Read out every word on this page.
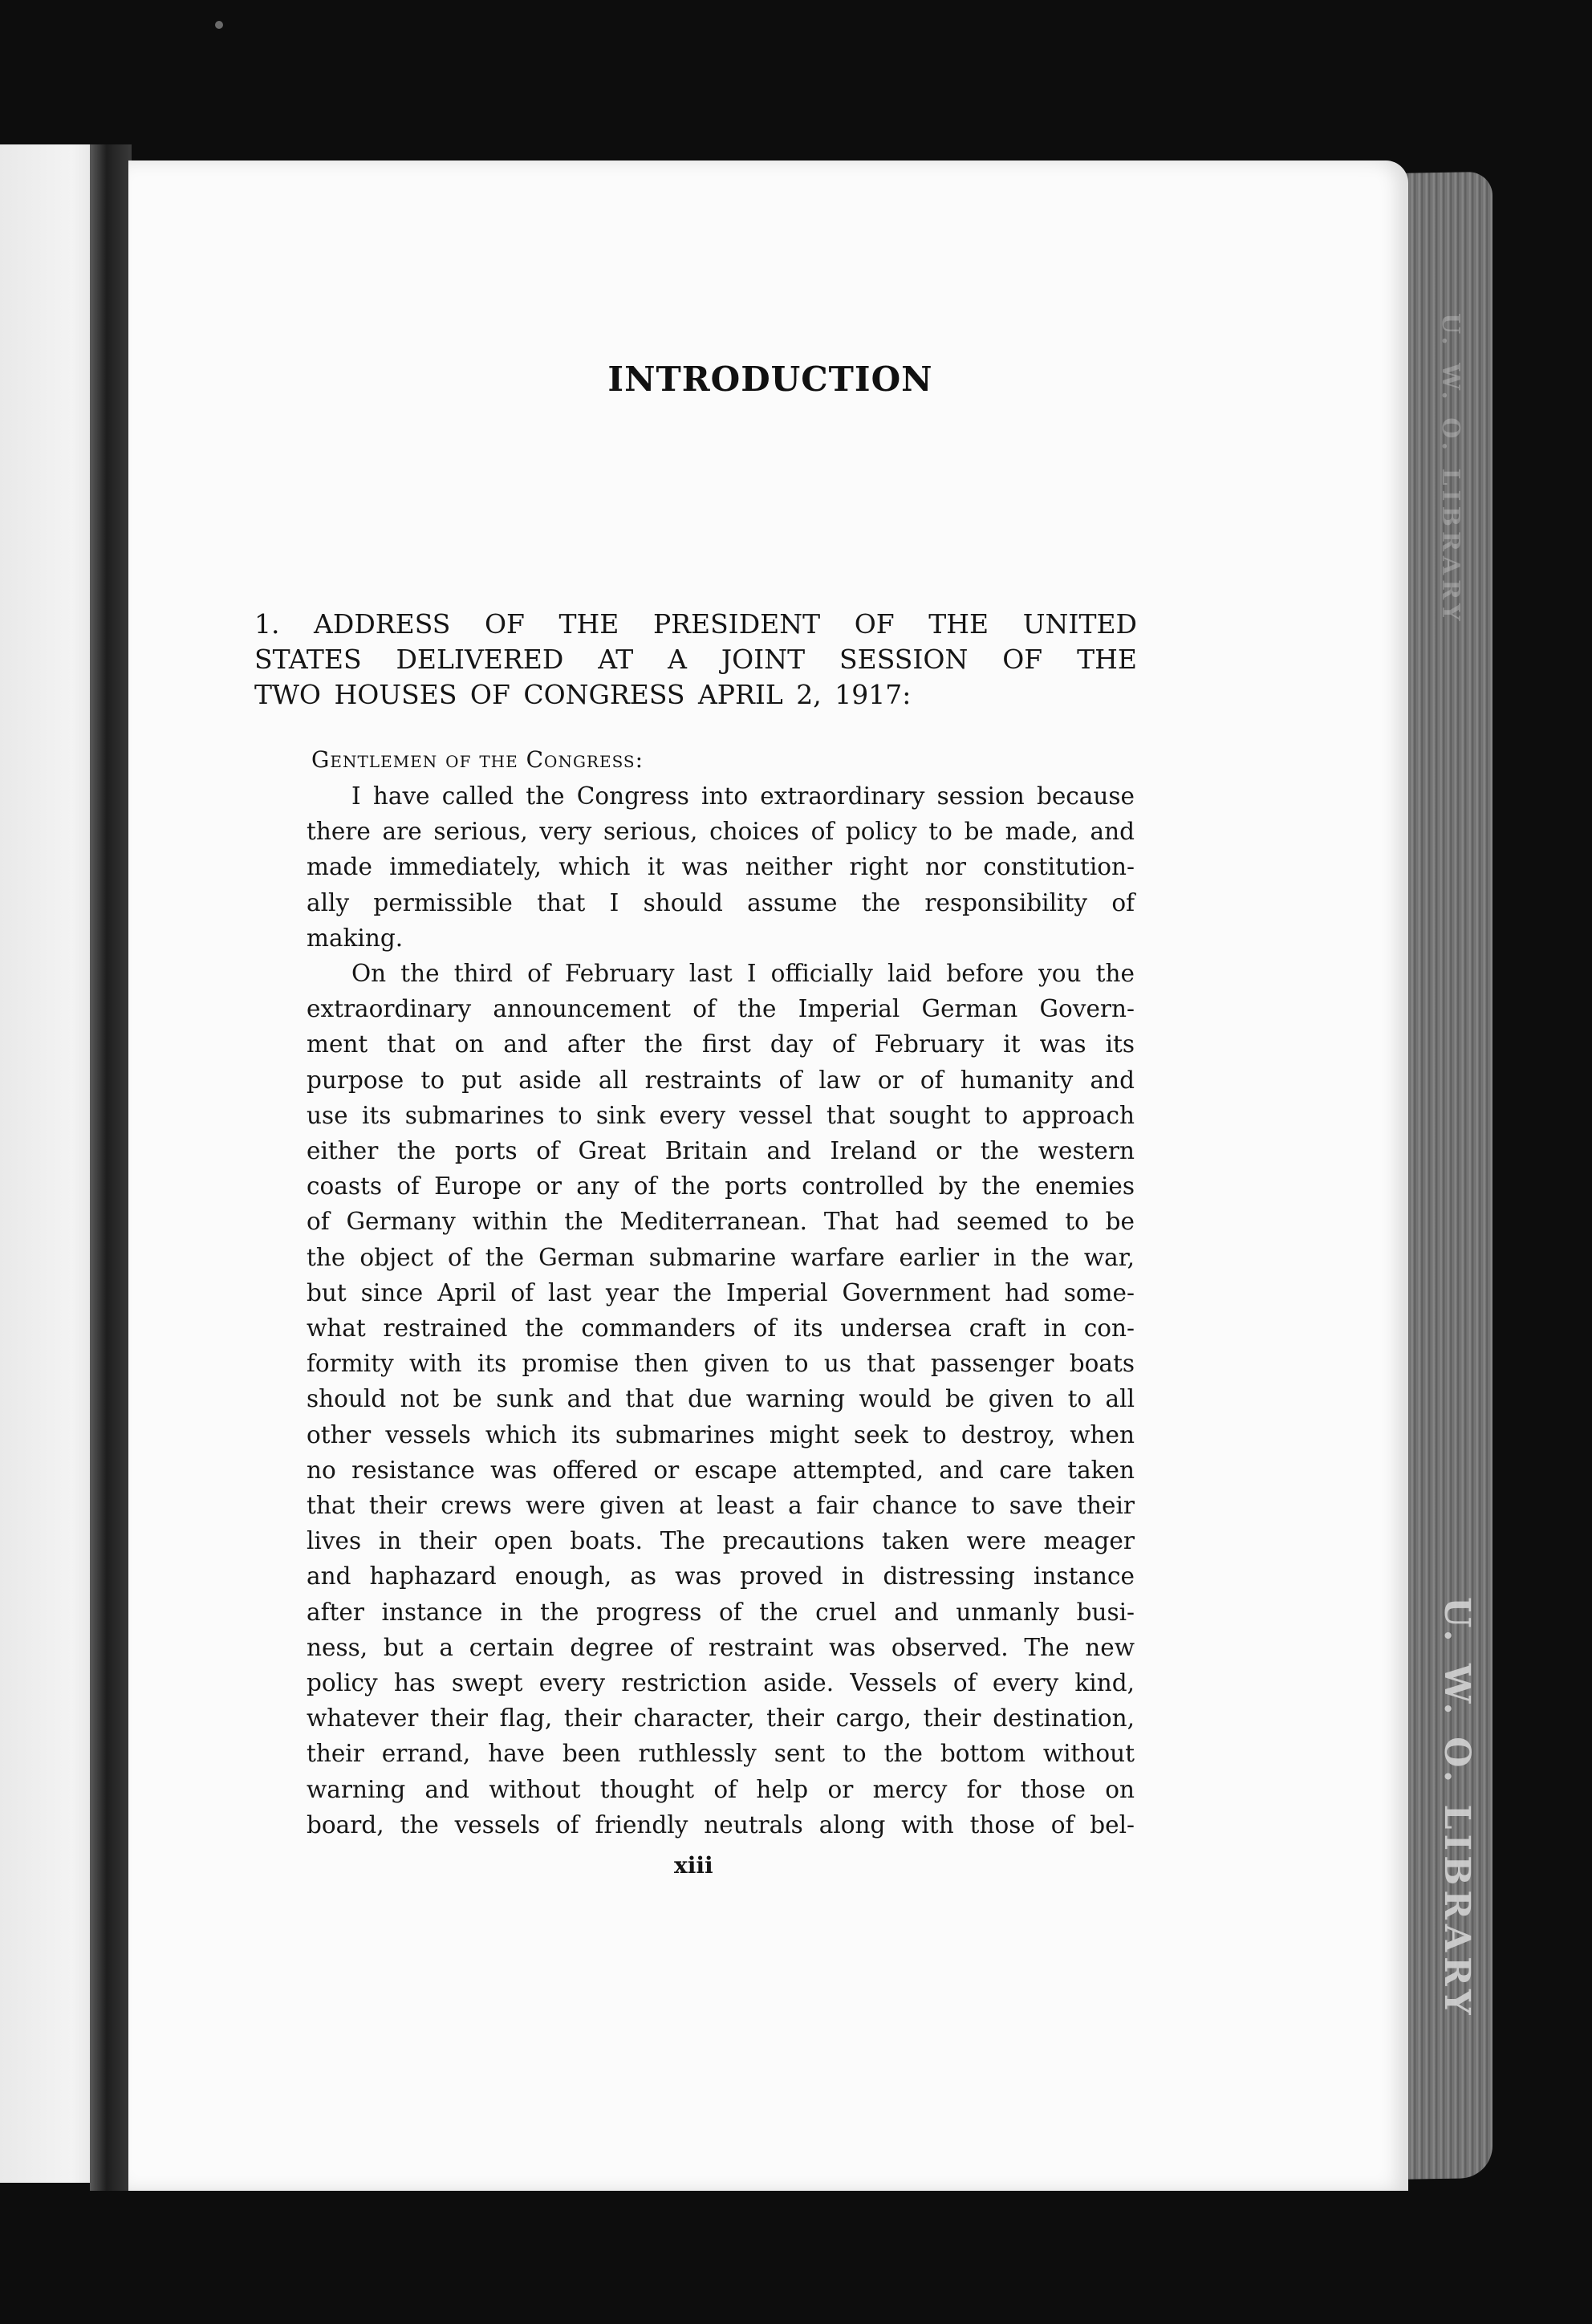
U. W. O. LIBRARY
U. W. O. LIBRARY
INTRODUCTION
1. ADDRESS OF THE PRESIDENT OF THE UNITED
STATES DELIVERED AT A JOINT SESSION OF THE
TWO HOUSES OF CONGRESS APRIL 2, 1917:
Gentlemen of the Congress:
I have called the Congress into extraordinary session because
there are serious, very serious, choices of policy to be made, and
made immediately, which it was neither right nor constitution-
ally permissible that I should assume the responsibility of
making.
On the third of February last I officially laid before you the
extraordinary announcement of the Imperial German Govern-
ment that on and after the first day of February it was its
purpose to put aside all restraints of law or of humanity and
use its submarines to sink every vessel that sought to approach
either the ports of Great Britain and Ireland or the western
coasts of Europe or any of the ports controlled by the enemies
of Germany within the Mediterranean. That had seemed to be
the object of the German submarine warfare earlier in the war,
but since April of last year the Imperial Government had some-
what restrained the commanders of its undersea craft in con-
formity with its promise then given to us that passenger boats
should not be sunk and that due warning would be given to all
other vessels which its submarines might seek to destroy, when
no resistance was offered or escape attempted, and care taken
that their crews were given at least a fair chance to save their
lives in their open boats. The precautions taken were meager
and haphazard enough, as was proved in distressing instance
after instance in the progress of the cruel and unmanly busi-
ness, but a certain degree of restraint was observed. The new
policy has swept every restriction aside. Vessels of every kind,
whatever their flag, their character, their cargo, their destination,
their errand, have been ruthlessly sent to the bottom without
warning and without thought of help or mercy for those on
board, the vessels of friendly neutrals along with those of bel-
xiii
